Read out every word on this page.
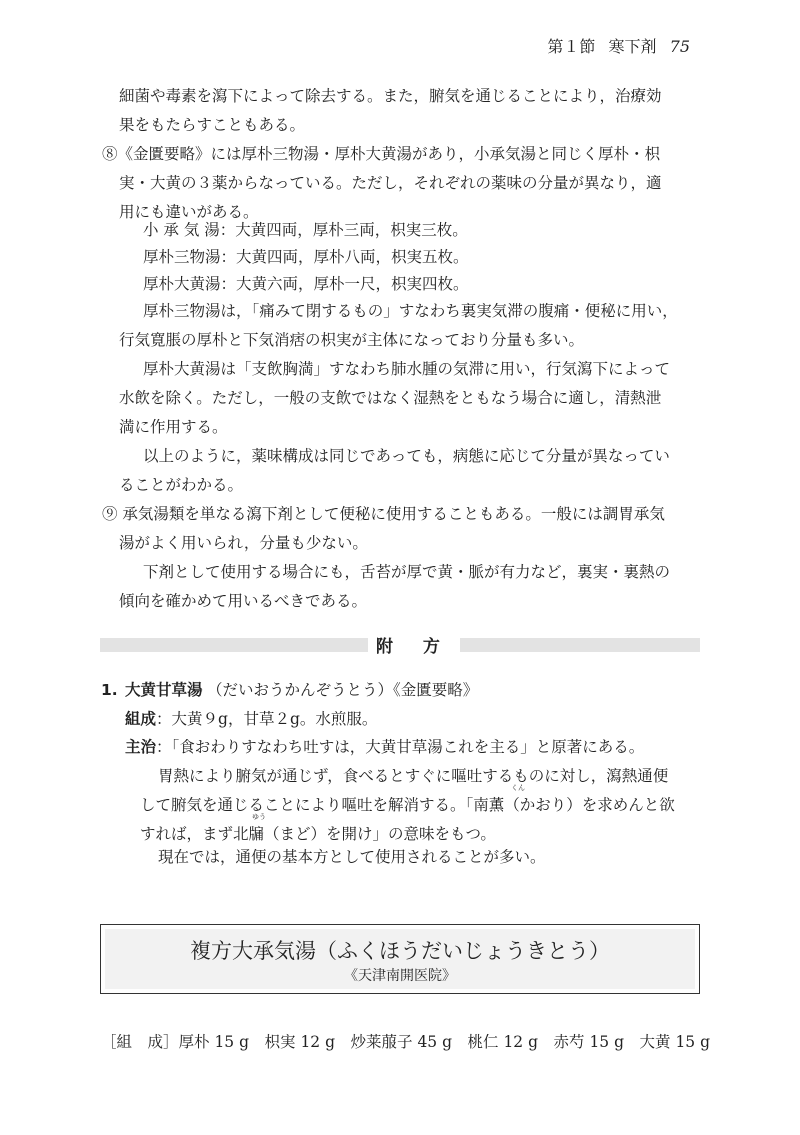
第１節 寒下剤 75
細菌や毒素を瀉下によって除去する。また，腑気を通じることにより，治療効
果をもたらすこともある。
⑧《金匱要略》には厚朴三物湯・厚朴大黄湯があり，小承気湯と同じく厚朴・枳
実・大黄の３薬からなっている。ただし，それぞれの薬味の分量が異なり，適
用にも違いがある。
小 承 気 湯：大黄四両，厚朴三両，枳実三枚。
厚朴三物湯：大黄四両，厚朴八両，枳実五枚。
厚朴大黄湯：大黄六両，厚朴一尺，枳実四枚。
厚朴三物湯は，「痛みて閉するもの」すなわち裏実気滞の腹痛・便秘に用い，
行気寛脹の厚朴と下気消痞の枳実が主体になっており分量も多い。
厚朴大黄湯は「支飲胸満」すなわち肺水腫の気滞に用い，行気瀉下によって
水飲を除く。ただし，一般の支飲ではなく湿熱をともなう場合に適し，清熱泄
満に作用する。
以上のように，薬味構成は同じであっても，病態に応じて分量が異なってい
ることがわかる。
⑨ 承気湯類を単なる瀉下剤として便秘に使用することもある。一般には調胃承気
湯がよく用いられ，分量も少ない。
下剤として使用する場合にも，舌苔が厚で黄・脈が有力など，裏実・裏熱の
傾向を確かめて用いるべきである。
附 方
1. 大黄甘草湯 （だいおうかんぞうとう）《金匱要略》
組成：大黄９g，甘草２g。水煎服。
主治：「食おわりすなわち吐すは，大黄甘草湯これを主る」と原著にある。
胃熱により腑気が通じず，食べるとすぐに嘔吐するものに対し，瀉熱通便
して腑気を通じることにより嘔吐を解消する。「南薫（かおり）を求めんと欲
すれば，まず北牖（まど）を開け」の意味をもつ。
現在では，通便の基本方として使用されることが多い。
くん
ゆう
複方大承気湯（ふくほうだいじょうきとう）
《天津南開医院》
［組　成］厚朴 15 g　枳実 12 g　炒莱菔子 45 g　桃仁 12 g　赤芍 15 g　大黄 15 g
